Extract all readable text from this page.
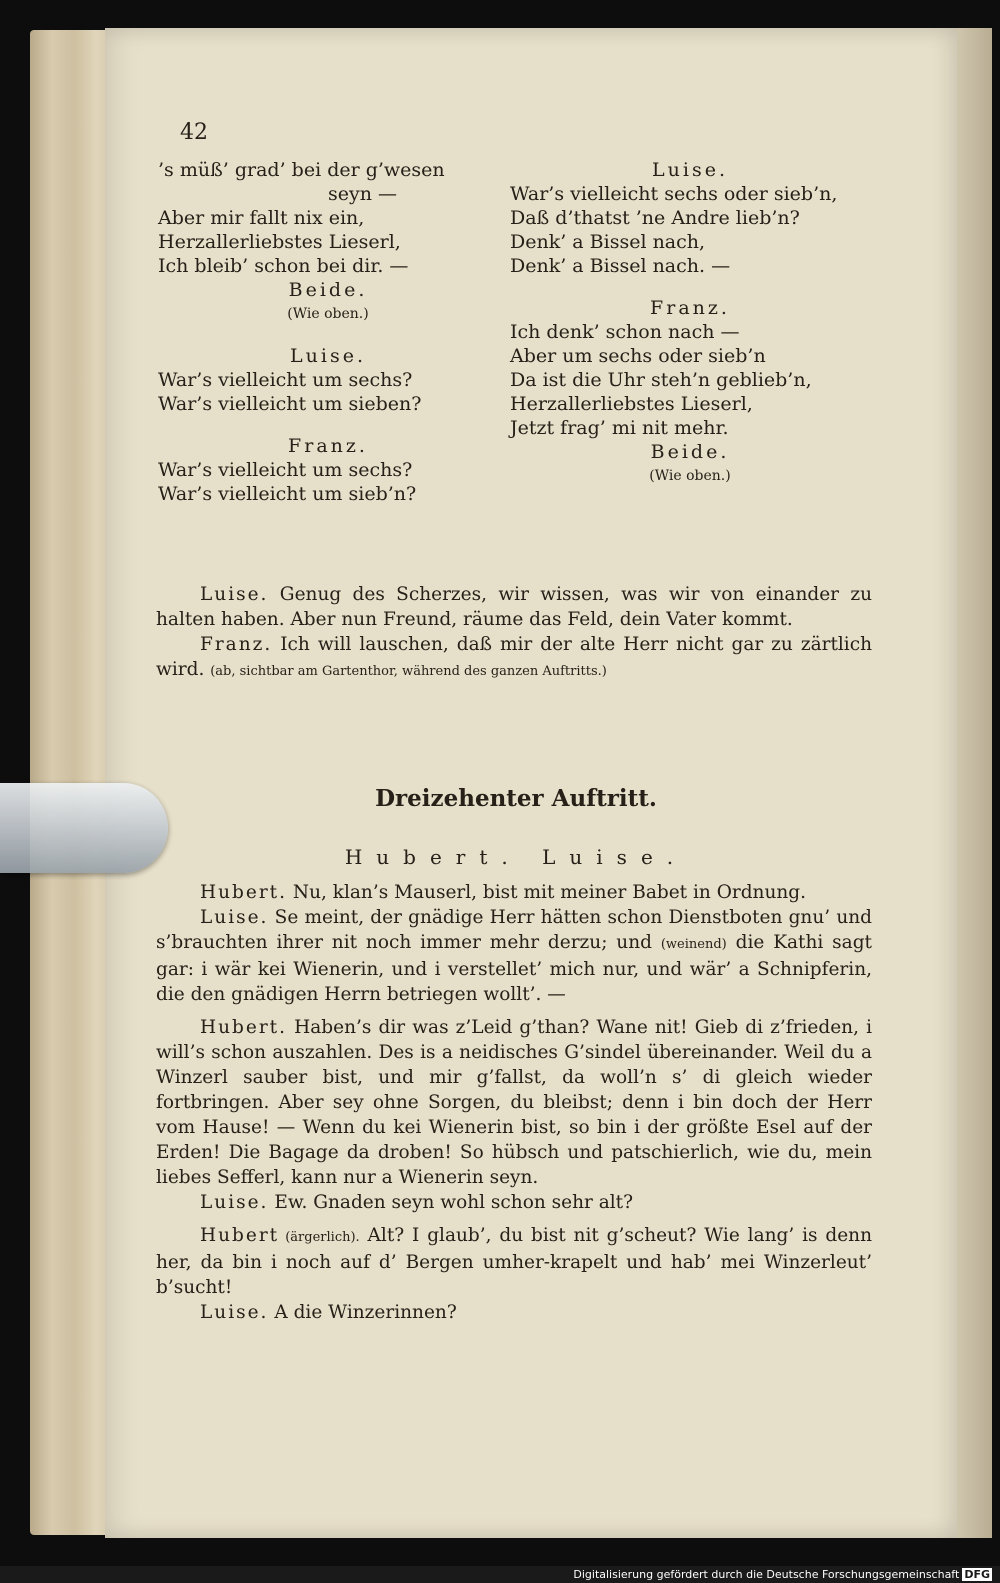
42
’s müß’ grad’ bei der g’wesen
seyn —
Aber mir fallt nix ein,
Herzallerliebstes Lieserl,
Ich bleib’ schon bei dir. —
Beide.
(Wie oben.)
Luise.
War’s vielleicht um sechs?
War’s vielleicht um sieben?
Franz.
War’s vielleicht um sechs?
War’s vielleicht um sieb’n?
Luise.
War’s vielleicht sechs oder sieb’n,
Daß d’thatst ’ne Andre lieb’n?
Denk’ a Bissel nach,
Denk’ a Bissel nach. —
Franz.
Ich denk’ schon nach —
Aber um sechs oder sieb’n
Da ist die Uhr steh’n geblieb’n,
Herzallerliebstes Lieserl,
Jetzt frag’ mi nit mehr.
Beide.
(Wie oben.)

Luise. Genug des Scherzes, wir wissen, was wir von einander zu halten haben. Aber nun Freund, räume das Feld, dein Vater kommt.

Franz. Ich will lauschen, daß mir der alte Herr nicht gar zu zärtlich wird. (ab, sichtbar am Gartenthor, während des ganzen Auftritts.)

Dreizehenter Auftritt.
Hubert. Luise.

Hubert. Nu, klan’s Mauserl, bist mit meiner Babet in Ordnung.

Luise. Se meint, der gnädige Herr hätten schon Dienstboten gnu’ und s’brauchten ihrer nit noch immer mehr derzu; und (weinend) die Kathi sagt gar: i wär kei Wienerin, und i verstellet’ mich nur, und wär’ a Schnipferin, die den gnädigen Herrn betriegen wollt’. —

Hubert. Haben’s dir was z’Leid g’than? Wane nit! Gieb di z’frieden, i will’s schon auszahlen. Des is a neidisches G’sindel übereinander. Weil du a Winzerl sauber bist, und mir g’fallst, da woll’n s’ di gleich wieder fortbringen. Aber sey ohne Sorgen, du bleibst; denn i bin doch der Herr vom Hause! — Wenn du kei Wienerin bist, so bin i der größte Esel auf der Erden! Die Bagage da droben! So hübsch und patschierlich, wie du, mein liebes Sefferl, kann nur a Wienerin seyn.

Luise. Ew. Gnaden seyn wohl schon sehr alt?

Hubert (ärgerlich). Alt? I glaub’, du bist nit g’scheut? Wie lang’ is denn her, da bin i noch auf d’ Bergen umher-krapelt und hab’ mei Winzerleut’ b’sucht!

Luise. A die Winzerinnen?

Digitalisierung gefördert durch die Deutsche Forschungsgemeinschaft DFG
